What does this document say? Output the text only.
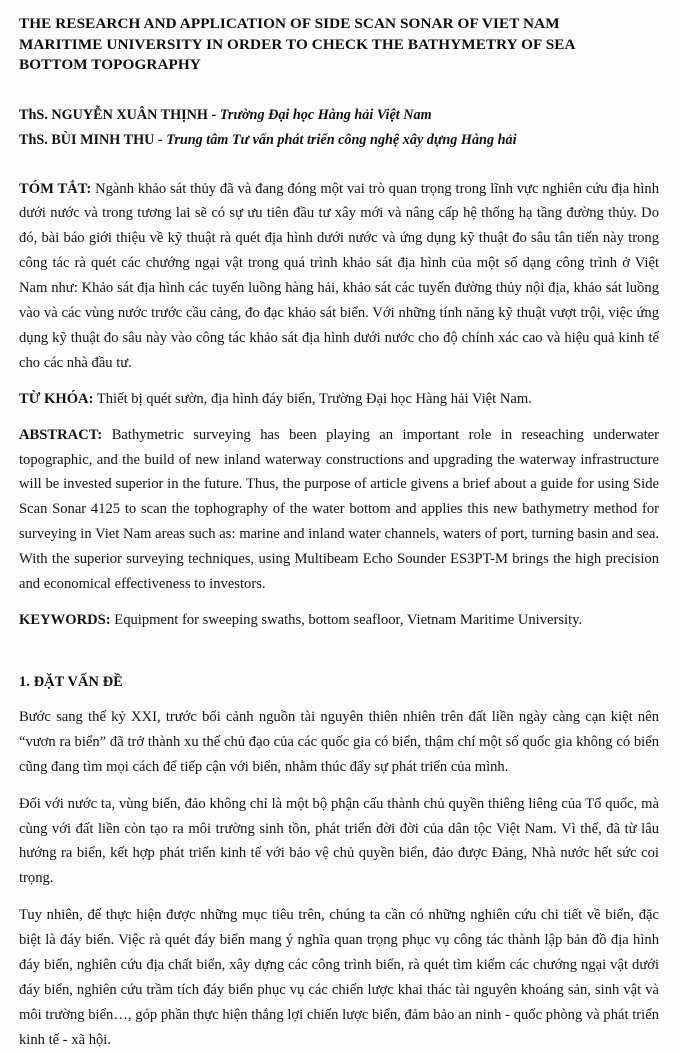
THE RESEARCH AND APPLICATION OF SIDE SCAN SONAR OF VIET NAM MARITIME UNIVERSITY IN ORDER TO CHECK THE BATHYMETRY OF SEA BOTTOM TOPOGRAPHY
ThS. NGUYỄN XUÂN THỊNH - Trường Đại học Hàng hải Việt Nam
ThS. BÙI MINH THU - Trung tâm Tư vấn phát triển công nghệ xây dựng Hàng hải

TÓM TẮT: Ngành khảo sát thủy đã và đang đóng một vai trò quan trọng trong lĩnh vực nghiên cứu địa hình dưới nước và trong tương lai sẽ có sự ưu tiên đầu tư xây mới và nâng cấp hệ thống hạ tầng đường thủy. Do đó, bài báo giới thiệu về kỹ thuật rà quét địa hình dưới nước và ứng dụng kỹ thuật đo sâu tân tiến này trong công tác rà quét các chướng ngại vật trong quá trình khảo sát địa hình của một số dạng công trình ở Việt Nam như: Khảo sát địa hình các tuyến luồng hàng hải, khảo sát các tuyến đường thủy nội địa, khảo sát luồng vào và các vùng nước trước cầu cảng, đo đạc khảo sát biển. Với những tính năng kỹ thuật vượt trội, việc ứng dụng kỹ thuật đo sâu này vào công tác khảo sát địa hình dưới nước cho độ chính xác cao và hiệu quả kinh tế cho các nhà đầu tư.

TỪ KHÓA: Thiết bị quét sườn, địa hình đáy biển, Trường Đại học Hàng hải Việt Nam.

ABSTRACT: Bathymetric surveying has been playing an important role in reseaching underwater topographic, and the build of new inland waterway constructions and upgrading the waterway infrastructure will be invested superior in the future. Thus, the purpose of article givens a brief about a guide for using Side Scan Sonar 4125 to scan the tophography of the water bottom and applies this new bathymetry method for surveying in Viet Nam areas such as: marine and inland water channels, waters of port, turning basin and sea. With the superior surveying techniques, using Multibeam Echo Sounder ES3PT-M brings the high precision and economical effectiveness to investors.

KEYWORDS: Equipment for sweeping swaths, bottom seafloor, Vietnam Maritime University.

1. ĐẶT VẤN ĐỀ

Bước sang thế kỷ XXI, trước bối cảnh nguồn tài nguyên thiên nhiên trên đất liền ngày càng cạn kiệt nên “vươn ra biển” đã trở thành xu thế chủ đạo của các quốc gia có biển, thậm chí một số quốc gia không có biển cũng đang tìm mọi cách để tiếp cận với biển, nhằm thúc đẩy sự phát triển của mình.

Đối với nước ta, vùng biển, đảo không chỉ là một bộ phận cấu thành chủ quyền thiêng liêng của Tổ quốc, mà cùng với đất liền còn tạo ra môi trường sinh tồn, phát triển đời đời của dân tộc Việt Nam. Vì thế, đã từ lâu hướng ra biển, kết hợp phát triển kinh tế với bảo vệ chủ quyền biển, đảo được Đảng, Nhà nước hết sức coi trọng.

Tuy nhiên, để thực hiện được những mục tiêu trên, chúng ta cần có những nghiên cứu chi tiết về biển, đặc biệt là đáy biển. Việc rà quét đáy biển mang ý nghĩa quan trọng phục vụ công tác thành lập bản đồ địa hình đáy biển, nghiên cứu địa chất biển, xây dựng các công trình biển, rà quét tìm kiếm các chướng ngại vật dưới đáy biển, nghiên cứu trầm tích đáy biển phục vụ các chiến lược khai thác tài nguyên khoáng sản, sinh vật và môi trường biển…, góp phần thực hiện thắng lợi chiến lược biển, đảm bảo an ninh - quốc phòng và phát triển kinh tế - xã hội.
